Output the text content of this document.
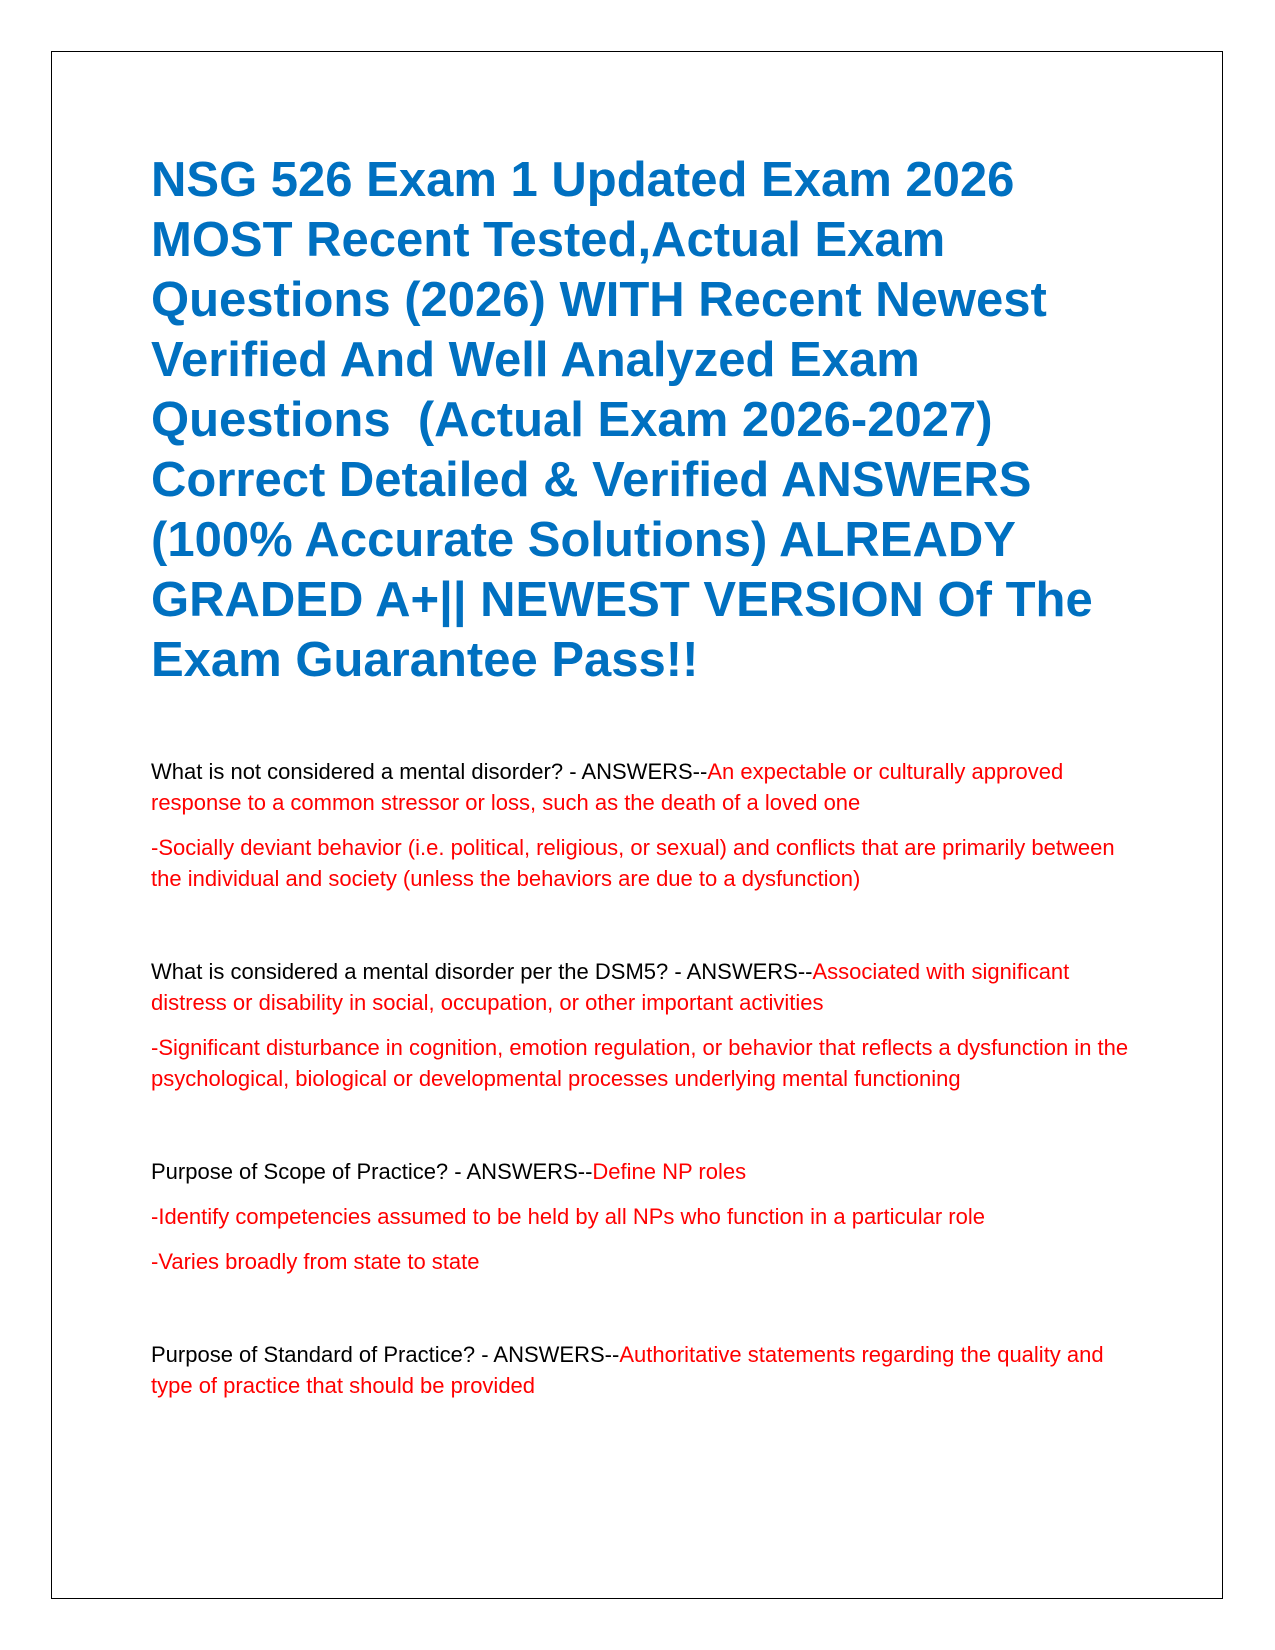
NSG 526 Exam 1 Updated Exam 2026
MOST Recent Tested,Actual Exam
Questions (2026) WITH Recent Newest
Verified And Well Analyzed Exam
Questions  (Actual Exam 2026-2027)
Correct Detailed & Verified ANSWERS
(100% Accurate Solutions) ALREADY
GRADED A+|| NEWEST VERSION Of The
Exam Guarantee Pass!!

What is not considered a mental disorder? - ANSWERS--An expectable or culturally approved response to a common stressor or loss, such as the death of a loved one

-Socially deviant behavior (i.e. political, religious, or sexual) and conflicts that are primarily between the individual and society (unless the behaviors are due to a dysfunction)

What is considered a mental disorder per the DSM5? - ANSWERS--Associated with significant distress or disability in social, occupation, or other important activities

-Significant disturbance in cognition, emotion regulation, or behavior that reflects a dysfunction in the psychological, biological or developmental processes underlying mental functioning

Purpose of Scope of Practice? - ANSWERS--Define NP roles

-Identify competencies assumed to be held by all NPs who function in a particular role

-Varies broadly from state to state

Purpose of Standard of Practice? - ANSWERS--Authoritative statements regarding the quality and type of practice that should be provided
